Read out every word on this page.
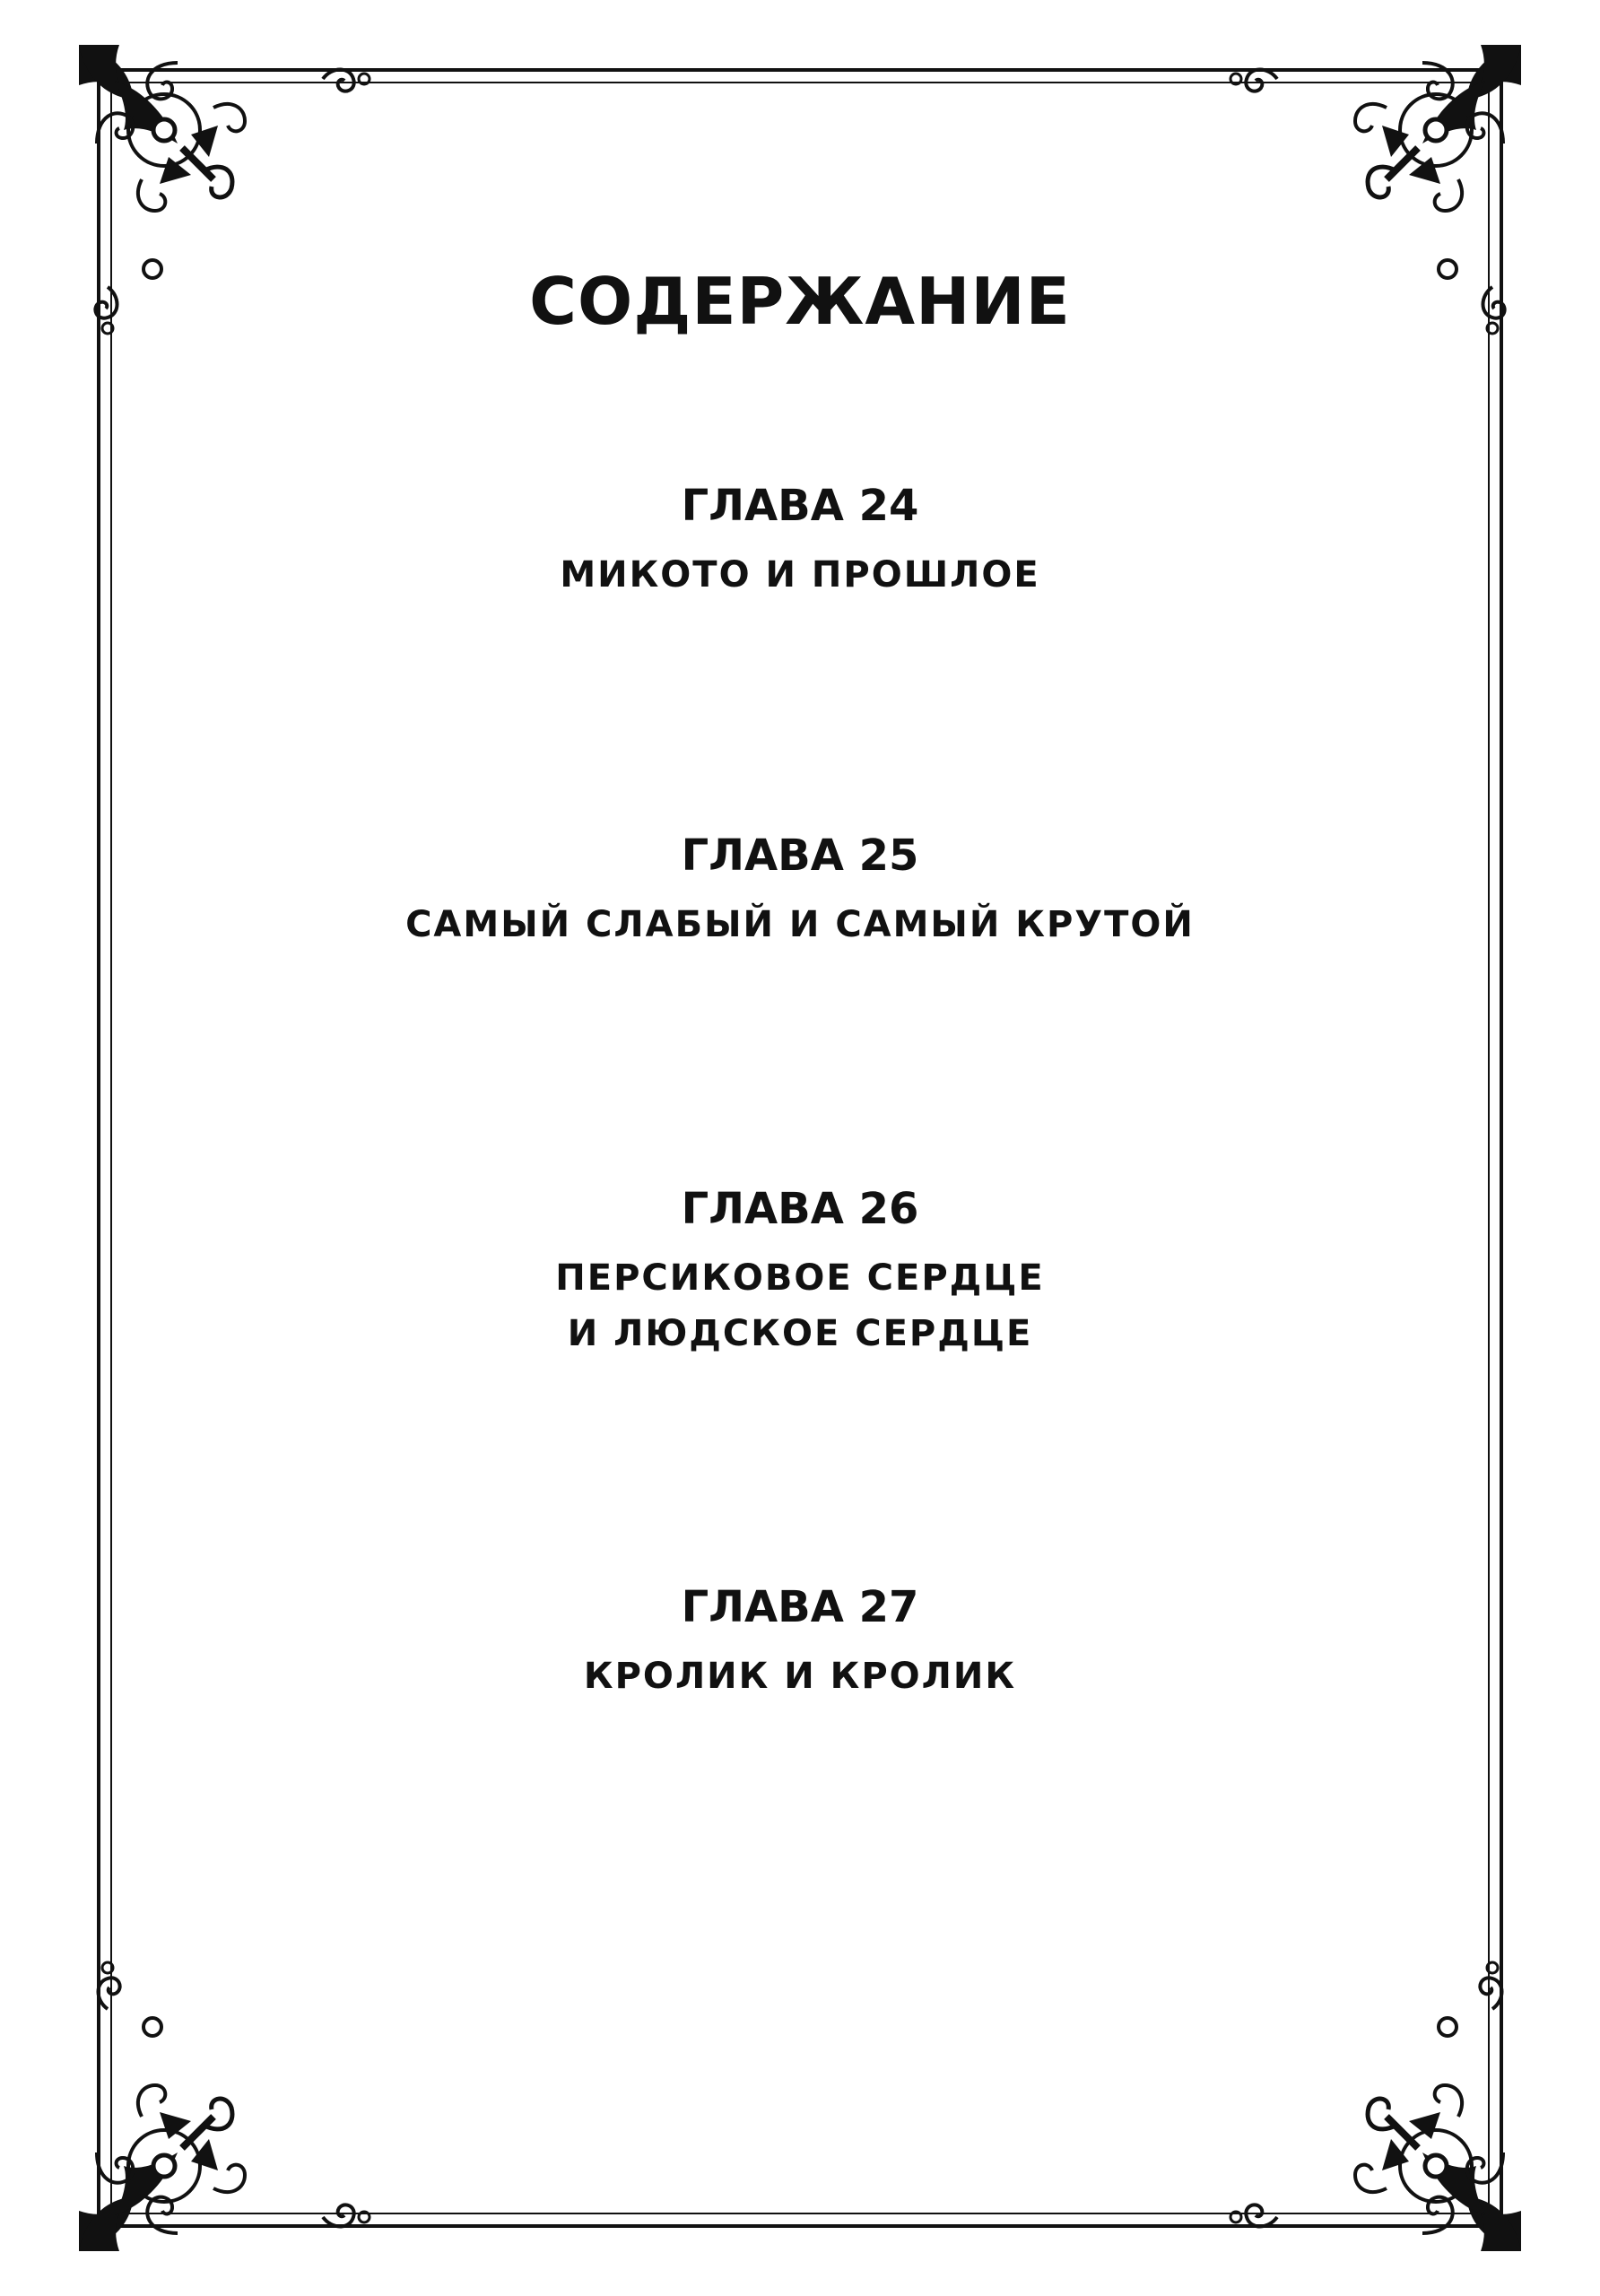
СОДЕРЖАНИЕ
ГЛАВА 24
МИКОТО И ПРОШЛОЕ
ГЛАВА 25
САМЫЙ СЛАБЫЙ И САМЫЙ КРУТОЙ
ГЛАВА 26
ПЕРСИКОВОЕ СЕРДЦЕ
И ЛЮДСКОЕ СЕРДЦЕ
ГЛАВА 27
КРОЛИК И КРОЛИК
